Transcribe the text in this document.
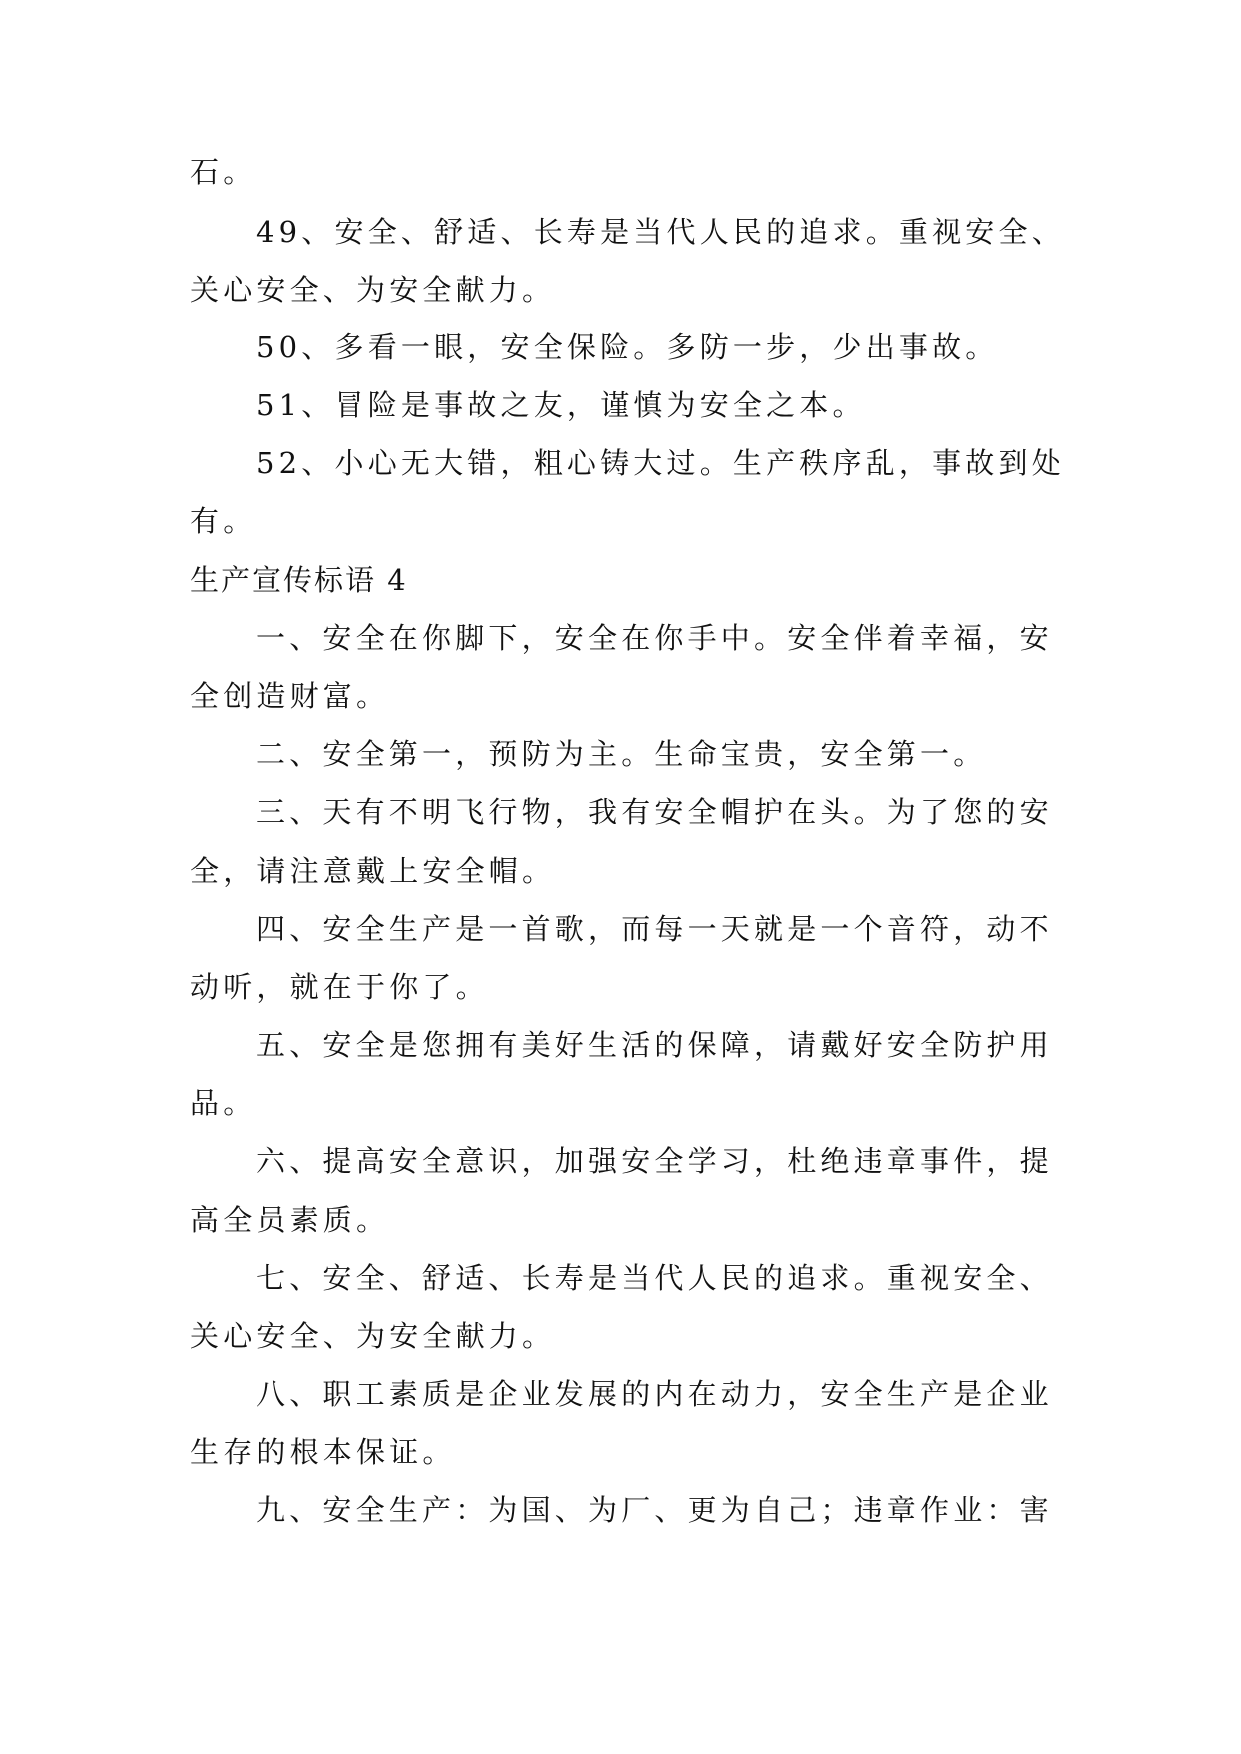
石。

49、安全、舒适、长寿是当代人民的追求。重视安全、

关心安全、为安全献力。

50、多看一眼，安全保险。多防一步，少出事故。

51、冒险是事故之友，谨慎为安全之本。

52、小心无大错，粗心铸大过。生产秩序乱，事故到处

有。

生产宣传标语 4

一、安全在你脚下，安全在你手中。安全伴着幸福，安

全创造财富。

二、安全第一，预防为主。生命宝贵，安全第一。

三、天有不明飞行物，我有安全帽护在头。为了您的安

全，请注意戴上安全帽。

四、安全生产是一首歌，而每一天就是一个音符，动不

动听，就在于你了。

五、安全是您拥有美好生活的保障，请戴好安全防护用

品。

六、提高安全意识，加强安全学习，杜绝违章事件，提

高全员素质。

七、安全、舒适、长寿是当代人民的追求。重视安全、

关心安全、为安全献力。

八、职工素质是企业发展的内在动力，安全生产是企业

生存的根本保证。

九、安全生产：为国、为厂、更为自己；违章作业：害
